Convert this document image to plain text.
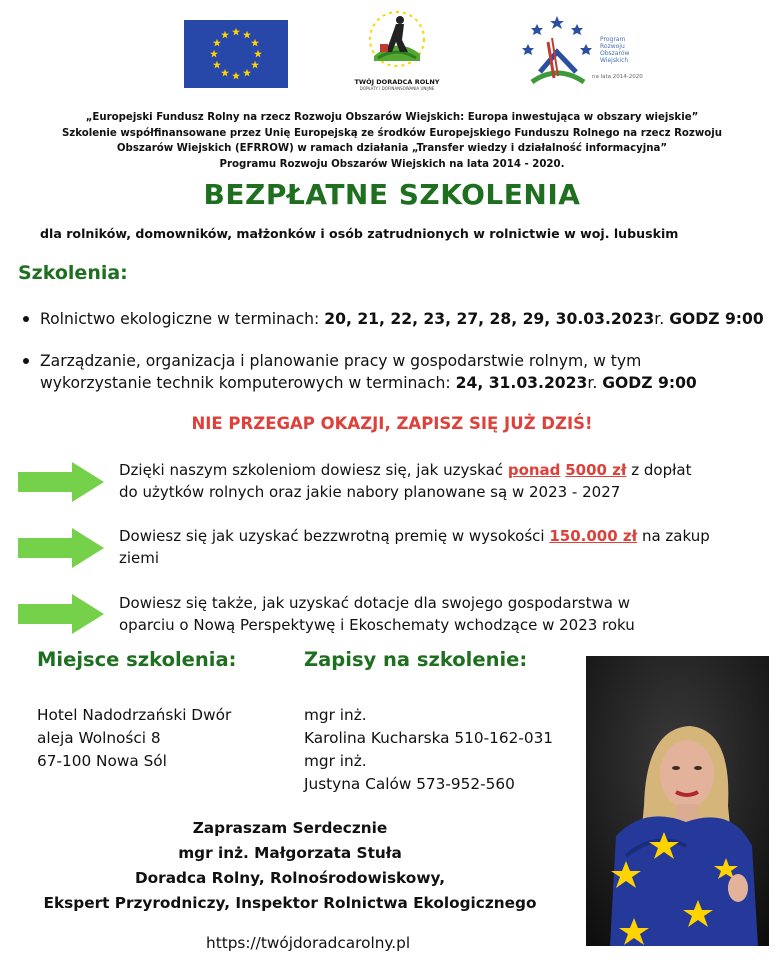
TWÓJ DORADCA ROLNY
DOPŁATY I DOFINANSOWANIA UNIJNE
Program
Rozwoju
Obszarów
Wiejskich
na lata 2014-2020
„Europejski Fundusz Rolny na rzecz Rozwoju Obszarów Wiejskich: Europa inwestująca w obszary wiejskie”
Szkolenie współfinansowane przez Unię Europejską ze środków Europejskiego Funduszu Rolnego na rzecz Rozwoju
Obszarów Wiejskich (EFRROW) w ramach działania „Transfer wiedzy i działalność informacyjna”
Programu Rozwoju Obszarów Wiejskich na lata 2014 - 2020.
BEZPŁATNE SZKOLENIA
dla rolników, domowników, małżonków i osób zatrudnionych w rolnictwie w woj. lubuskim
Szkolenia:
Rolnictwo ekologiczne w terminach: 20, 21, 22, 23, 27, 28, 29, 30.03.2023r. GODZ 9:00
Zarządzanie, organizacja i planowanie pracy w gospodarstwie rolnym, w tym
wykorzystanie technik komputerowych w terminach: 24, 31.03.2023r. GODZ 9:00
NIE PRZEGAP OKAZJI, ZAPISZ SIĘ JUŻ DZIŚ!
Dzięki naszym szkoleniom dowiesz się, jak uzyskać ponad 5000 zł z dopłat
do użytków rolnych oraz jakie nabory planowane są w 2023 - 2027
Dowiesz się jak uzyskać bezzwrotną premię w wysokości 150.000 zł na zakup
ziemi
Dowiesz się także, jak uzyskać dotacje dla swojego gospodarstwa w
oparciu o Nową Perspektywę i Ekoschematy wchodzące w 2023 roku
Miejsce szkolenia:
Hotel Nadodrzański Dwór
aleja Wolności 8
67-100 Nowa Sól
Zapisy na szkolenie:
mgr inż.
Karolina Kucharska 510-162-031
mgr inż.
Justyna Calów 573-952-560
Zapraszam Serdecznie
mgr inż. Małgorzata Stuła
Doradca Rolny, Rolnośrodowiskowy,
Ekspert Przyrodniczy, Inspektor Rolnictwa Ekologicznego
https://twójdoradcarolny.pl
